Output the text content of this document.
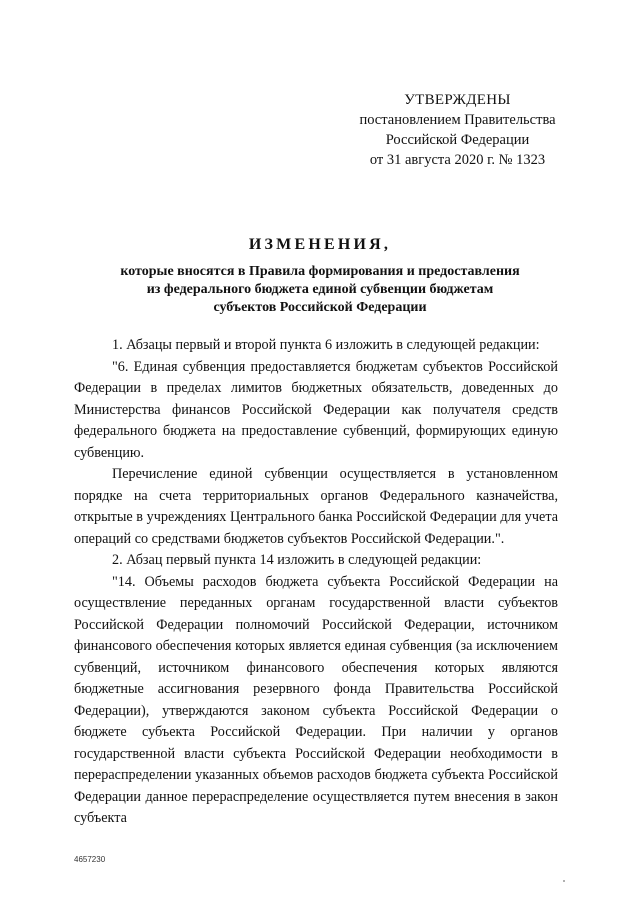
УТВЕРЖДЕНЫ
постановлением Правительства
Российской Федерации
от 31 августа 2020 г. № 1323
ИЗМЕНЕНИЯ,
которые вносятся в Правила формирования и предоставления
из федерального бюджета единой субвенции бюджетам
субъектов Российской Федерации

1. Абзацы первый и второй пункта 6 изложить в следующей редакции:

"6. Единая субвенция предоставляется бюджетам субъектов Российской Федерации в пределах лимитов бюджетных обязательств, доведенных до Министерства финансов Российской Федерации как получателя средств федерального бюджета на предоставление субвенций, формирующих единую субвенцию.

Перечисление единой субвенции осуществляется в установленном порядке на счета территориальных органов Федерального казначейства, открытые в учреждениях Центрального банка Российской Федерации для учета операций со средствами бюджетов субъектов Российской Федерации.".

2. Абзац первый пункта 14 изложить в следующей редакции:

"14. Объемы расходов бюджета субъекта Российской Федерации на осуществление переданных органам государственной власти субъектов Российской Федерации полномочий Российской Федерации, источником финансового обеспечения которых является единая субвенция (за исключением субвенций, источником финансового обеспечения которых являются бюджетные ассигнования резервного фонда Правительства Российской Федерации), утверждаются законом субъекта Российской Федерации о бюджете субъекта Российской Федерации. При наличии у органов государственной власти субъекта Российской Федерации необходимости в перераспределении указанных объемов расходов бюджета субъекта Российской Федерации данное перераспределение осуществляется путем внесения в закон субъекта

4657230
